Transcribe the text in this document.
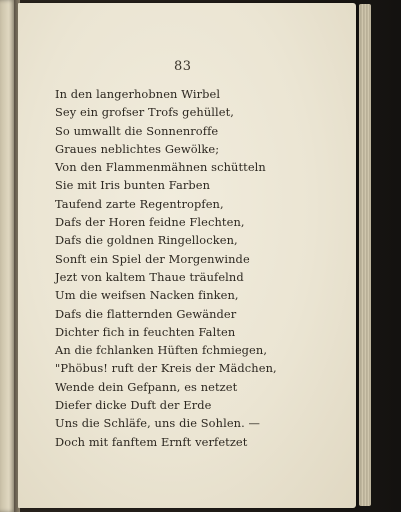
83
In den langerhobnen Wirbel
Sey ein grofser Trofs gehüllet,
So umwallt die Sonnenroffe
Graues neblichtes Gewölke;
Von den Flammenmähnen schütteln
Sie mit Iris bunten Farben
Taufend zarte Regentropfen,
Dafs der Horen feidne Flechten,
Dafs die goldnen Ringellocken,
Sonft ein Spiel der Morgenwinde
Jezt von kaltem Thaue träufelnd
Um die weifsen Nacken finken,
Dafs die flatternden Gewänder
Dichter fich in feuchten Falten
An die fchlanken Hüften fchmiegen,
"Phöbus! ruft der Kreis der Mädchen,
Wende dein Gefpann, es netzet
Diefer dicke Duft der Erde
Uns die Schläfe, uns die Sohlen. —
Doch mit fanftem Ernft verfetzet
